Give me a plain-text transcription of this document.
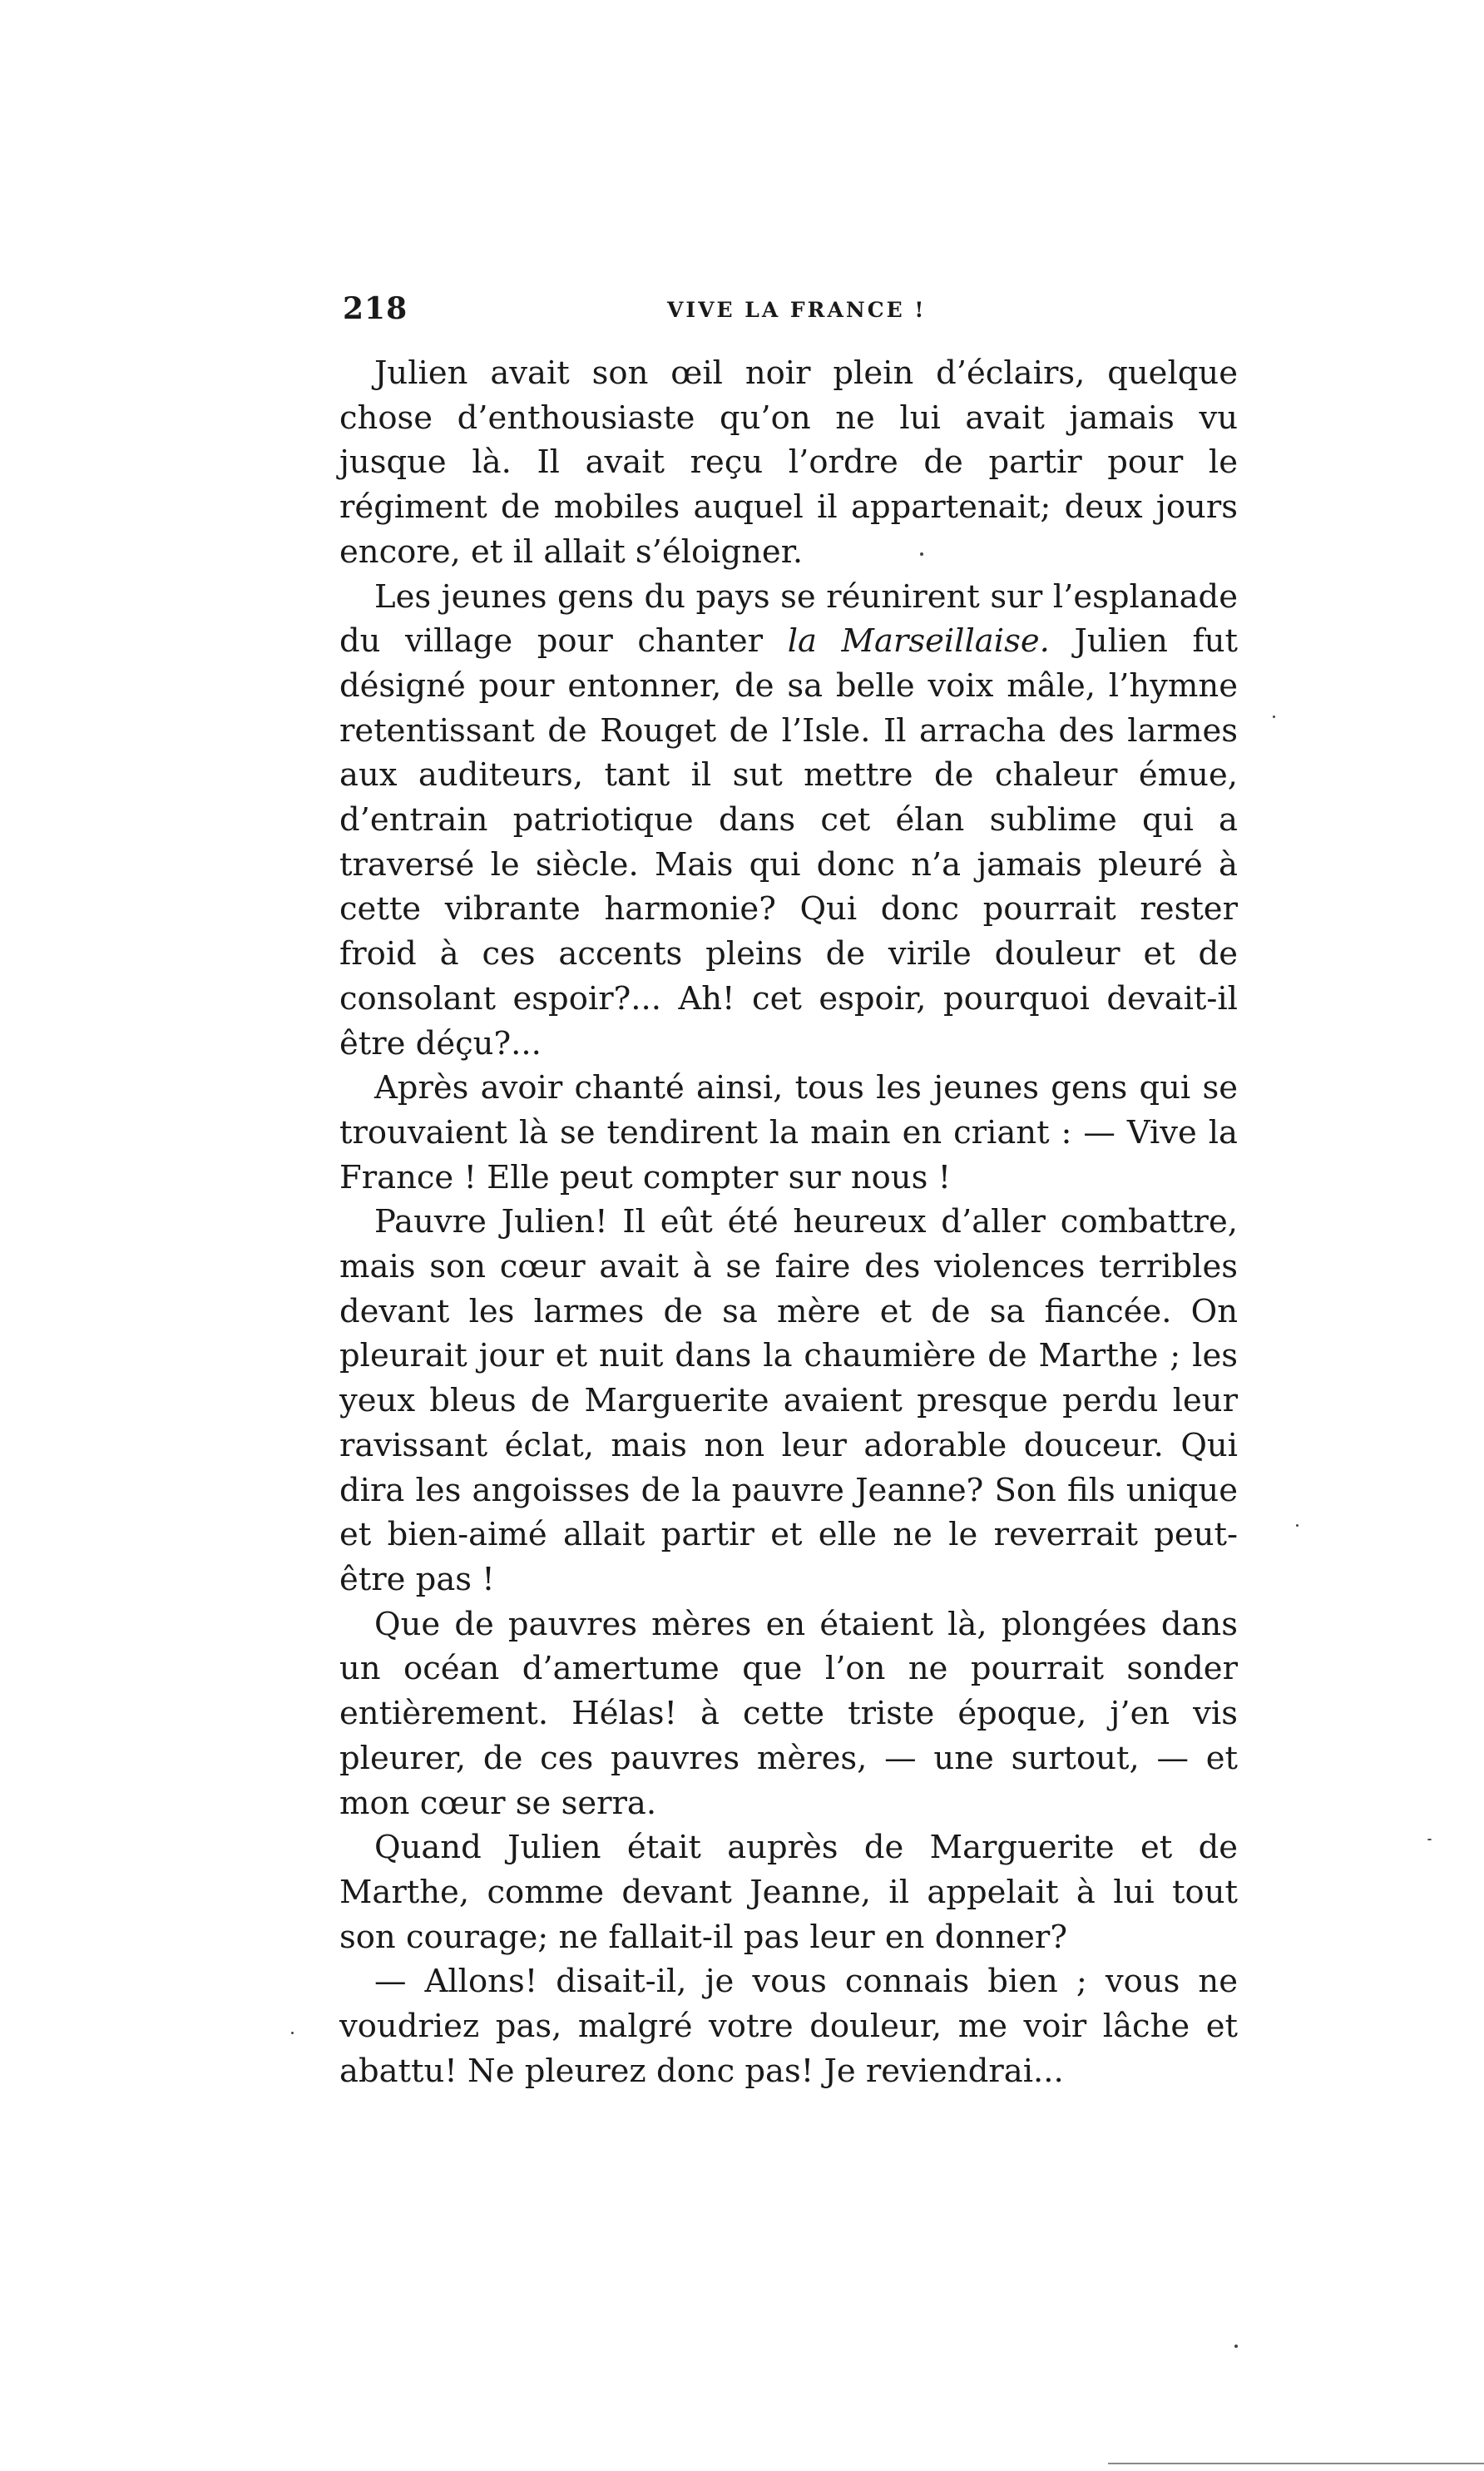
218	VIVE LA FRANCE !

Julien avait son œil noir plein d’éclairs, quelque chose d’enthousiaste qu’on ne lui avait jamais vu jusque là. Il avait reçu l’ordre de partir pour le régiment de mobiles auquel il appartenait; deux jours encore, et il allait s’éloigner.

Les jeunes gens du pays se réunirent sur l’esplanade du village pour chanter la Marseillaise. Julien fut désigné pour entonner, de sa belle voix mâle, l’hymne retentissant de Rouget de l’Isle. Il arracha des larmes aux auditeurs, tant il sut mettre de chaleur émue, d’entrain patriotique dans cet élan sublime qui a traversé le siècle. Mais qui donc n’a jamais pleuré à cette vibrante harmonie? Qui donc pourrait rester froid à ces accents pleins de virile douleur et de consolant espoir?... Ah! cet espoir, pourquoi devait-il être déçu?...

Après avoir chanté ainsi, tous les jeunes gens qui se trouvaient là se tendirent la main en criant : — Vive la France ! Elle peut compter sur nous !

Pauvre Julien! Il eût été heureux d’aller combattre, mais son cœur avait à se faire des violences terribles devant les larmes de sa mère et de sa fiancée. On pleurait jour et nuit dans la chaumière de Marthe ; les yeux bleus de Marguerite avaient presque perdu leur ravissant éclat, mais non leur adorable douceur. Qui dira les angoisses de la pauvre Jeanne? Son fils unique et bien-aimé allait partir et elle ne le reverrait peut-être pas !

Que de pauvres mères en étaient là, plongées dans un océan d’amertume que l’on ne pourrait sonder entièrement. Hélas! à cette triste époque, j’en vis pleurer, de ces pauvres mères, — une surtout, — et mon cœur se serra.

Quand Julien était auprès de Marguerite et de Marthe, comme devant Jeanne, il appelait à lui tout son courage; ne fallait-il pas leur en donner?

— Allons! disait-il, je vous connais bien ; vous ne voudriez pas, malgré votre douleur, me voir lâche et abattu! Ne pleurez donc pas! Je reviendrai...
